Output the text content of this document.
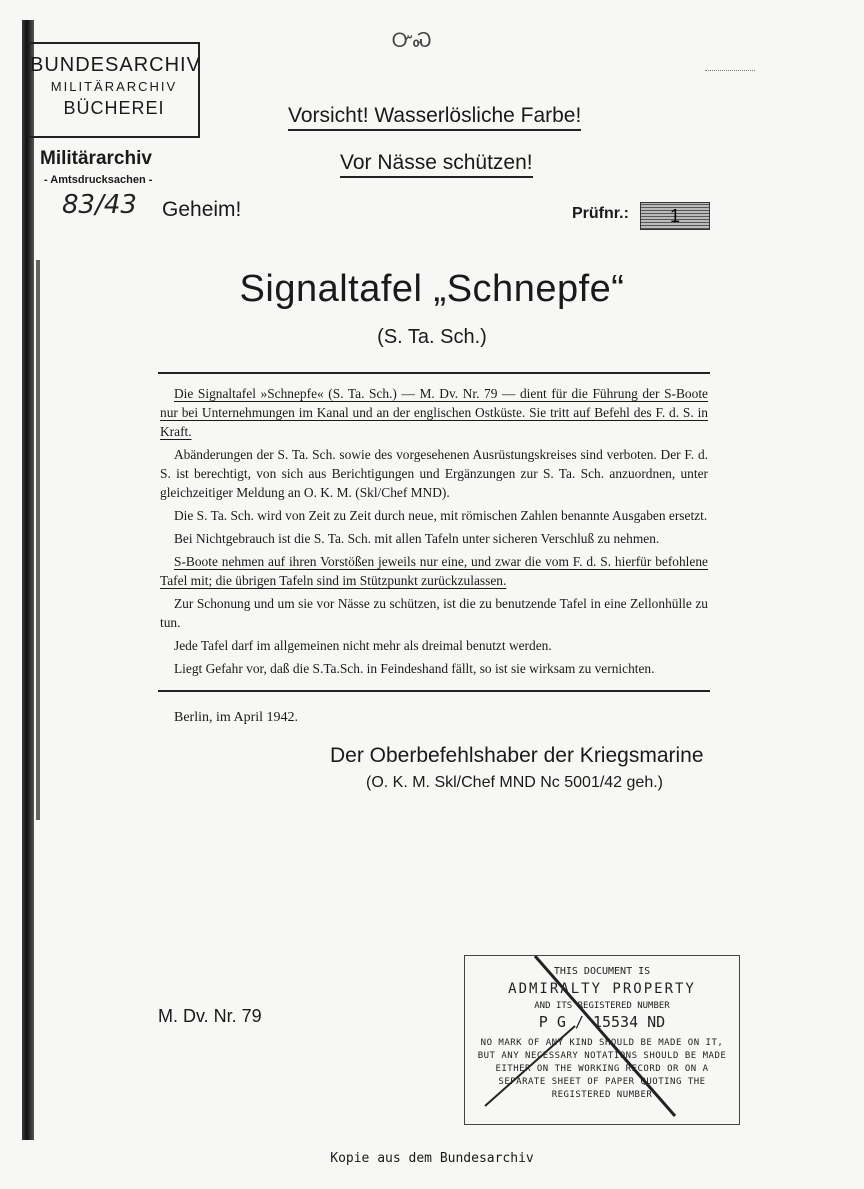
ᏅᏍ
BUNDESARCHIV
MILITÄRARCHIV
BÜCHEREI
Militärarchiv
- Amtsdrucksachen -
83/43 Geheim!
Vorsicht! Wasserlösliche Farbe!
Vor Nässe schützen!
Prüfnr.:	1
Signaltafel „Schnepfe“
(S. Ta. Sch.)

Die Signaltafel »Schnepfe« (S. Ta. Sch.) — M. Dv. Nr. 79 — dient für die Führung der S-Boote nur bei Unternehmungen im Kanal und an der englischen Ostküste. Sie tritt auf Befehl des F. d. S. in Kraft.

Abänderungen der S. Ta. Sch. sowie des vorgesehenen Ausrüstungskreises sind verboten. Der F. d. S. ist berechtigt, von sich aus Berichtigungen und Ergänzungen zur S. Ta. Sch. anzuordnen, unter gleichzeitiger Meldung an O. K. M. (Skl/Chef MND).

Die S. Ta. Sch. wird von Zeit zu Zeit durch neue, mit römischen Zahlen benannte Ausgaben ersetzt.

Bei Nichtgebrauch ist die S. Ta. Sch. mit allen Tafeln unter sicheren Verschluß zu nehmen.

S-Boote nehmen auf ihren Vorstößen jeweils nur eine, und zwar die vom F. d. S. hierfür befohlene Tafel mit; die übrigen Tafeln sind im Stützpunkt zurückzulassen.

Zur Schonung und um sie vor Nässe zu schützen, ist die zu benutzende Tafel in eine Zellonhülle zu tun.

Jede Tafel darf im allgemeinen nicht mehr als dreimal benutzt werden.

Liegt Gefahr vor, daß die S.Ta.Sch. in Feindeshand fällt, so ist sie wirksam zu vernichten.

Berlin, im April 1942.
Der Oberbefehlshaber der Kriegsmarine
(O. K. M. Skl/Chef MND Nc 5001/42 geh.)
M. Dv. Nr. 79
THIS DOCUMENT IS
ADMIRALTY PROPERTY
AND ITS REGISTERED NUMBER
P G / 15534 ND
NO MARK OF ANY KIND SHOULD BE MADE ON IT, BUT ANY NECESSARY NOTATIONS SHOULD BE MADE EITHER ON THE WORKING RECORD OR ON A SEPARATE SHEET OF PAPER QUOTING THE REGISTERED NUMBER
Kopie aus dem Bundesarchiv
